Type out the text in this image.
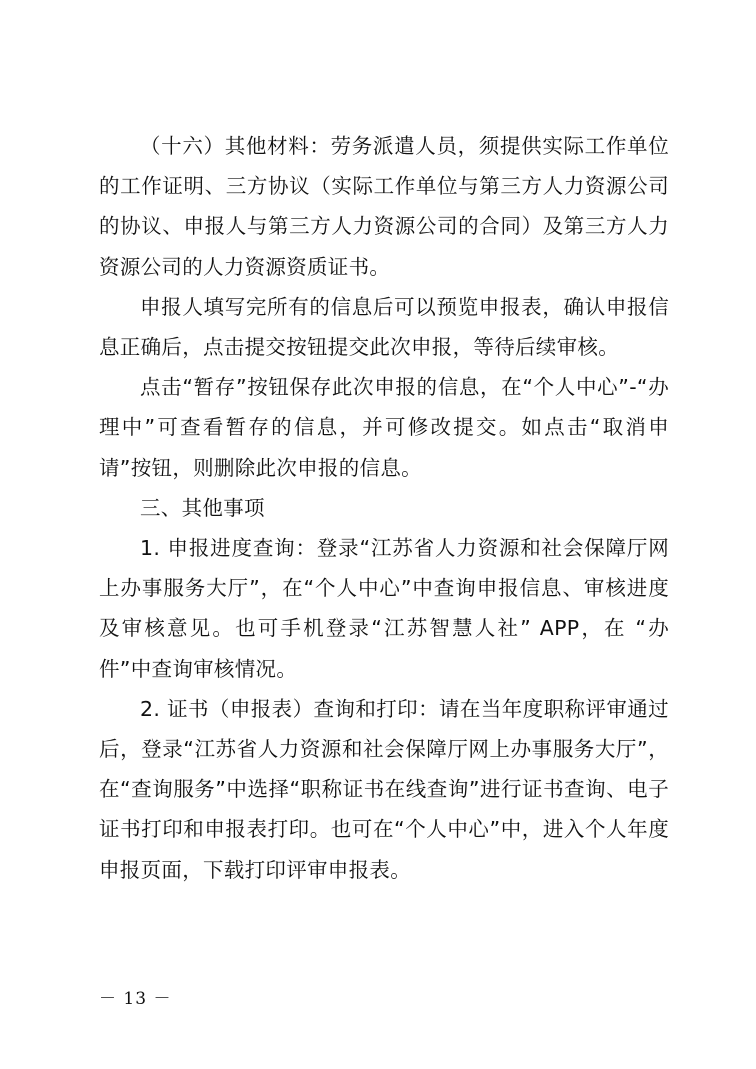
（十六）其他材料：劳务派遣人员，须提供实际工作单位的工作证明、三方协议（实际工作单位与第三方人力资源公司的协议、申报人与第三方人力资源公司的合同）及第三方人力资源公司的人力资源资质证书。

申报人填写完所有的信息后可以预览申报表，确认申报信息正确后，点击提交按钮提交此次申报，等待后续审核。

点击“暂存”按钮保存此次申报的信息，在“个人中心”-“办理中”可查看暂存的信息，并可修改提交。如点击“取消申请”按钮，则删除此次申报的信息。

三、其他事项

1. 申报进度查询：登录“江苏省人力资源和社会保障厅网上办事服务大厅”，在“个人中心”中查询申报信息、审核进度及审核意见。也可手机登录“江苏智慧人社” APP，在 “办件”中查询审核情况。

2. 证书（申报表）查询和打印：请在当年度职称评审通过后，登录“江苏省人力资源和社会保障厅网上办事服务大厅”，在“查询服务”中选择“职称证书在线查询”进行证书查询、电子证书打印和申报表打印。也可在“个人中心”中，进入个人年度申报页面，下载打印评审申报表。

－ 13 －
